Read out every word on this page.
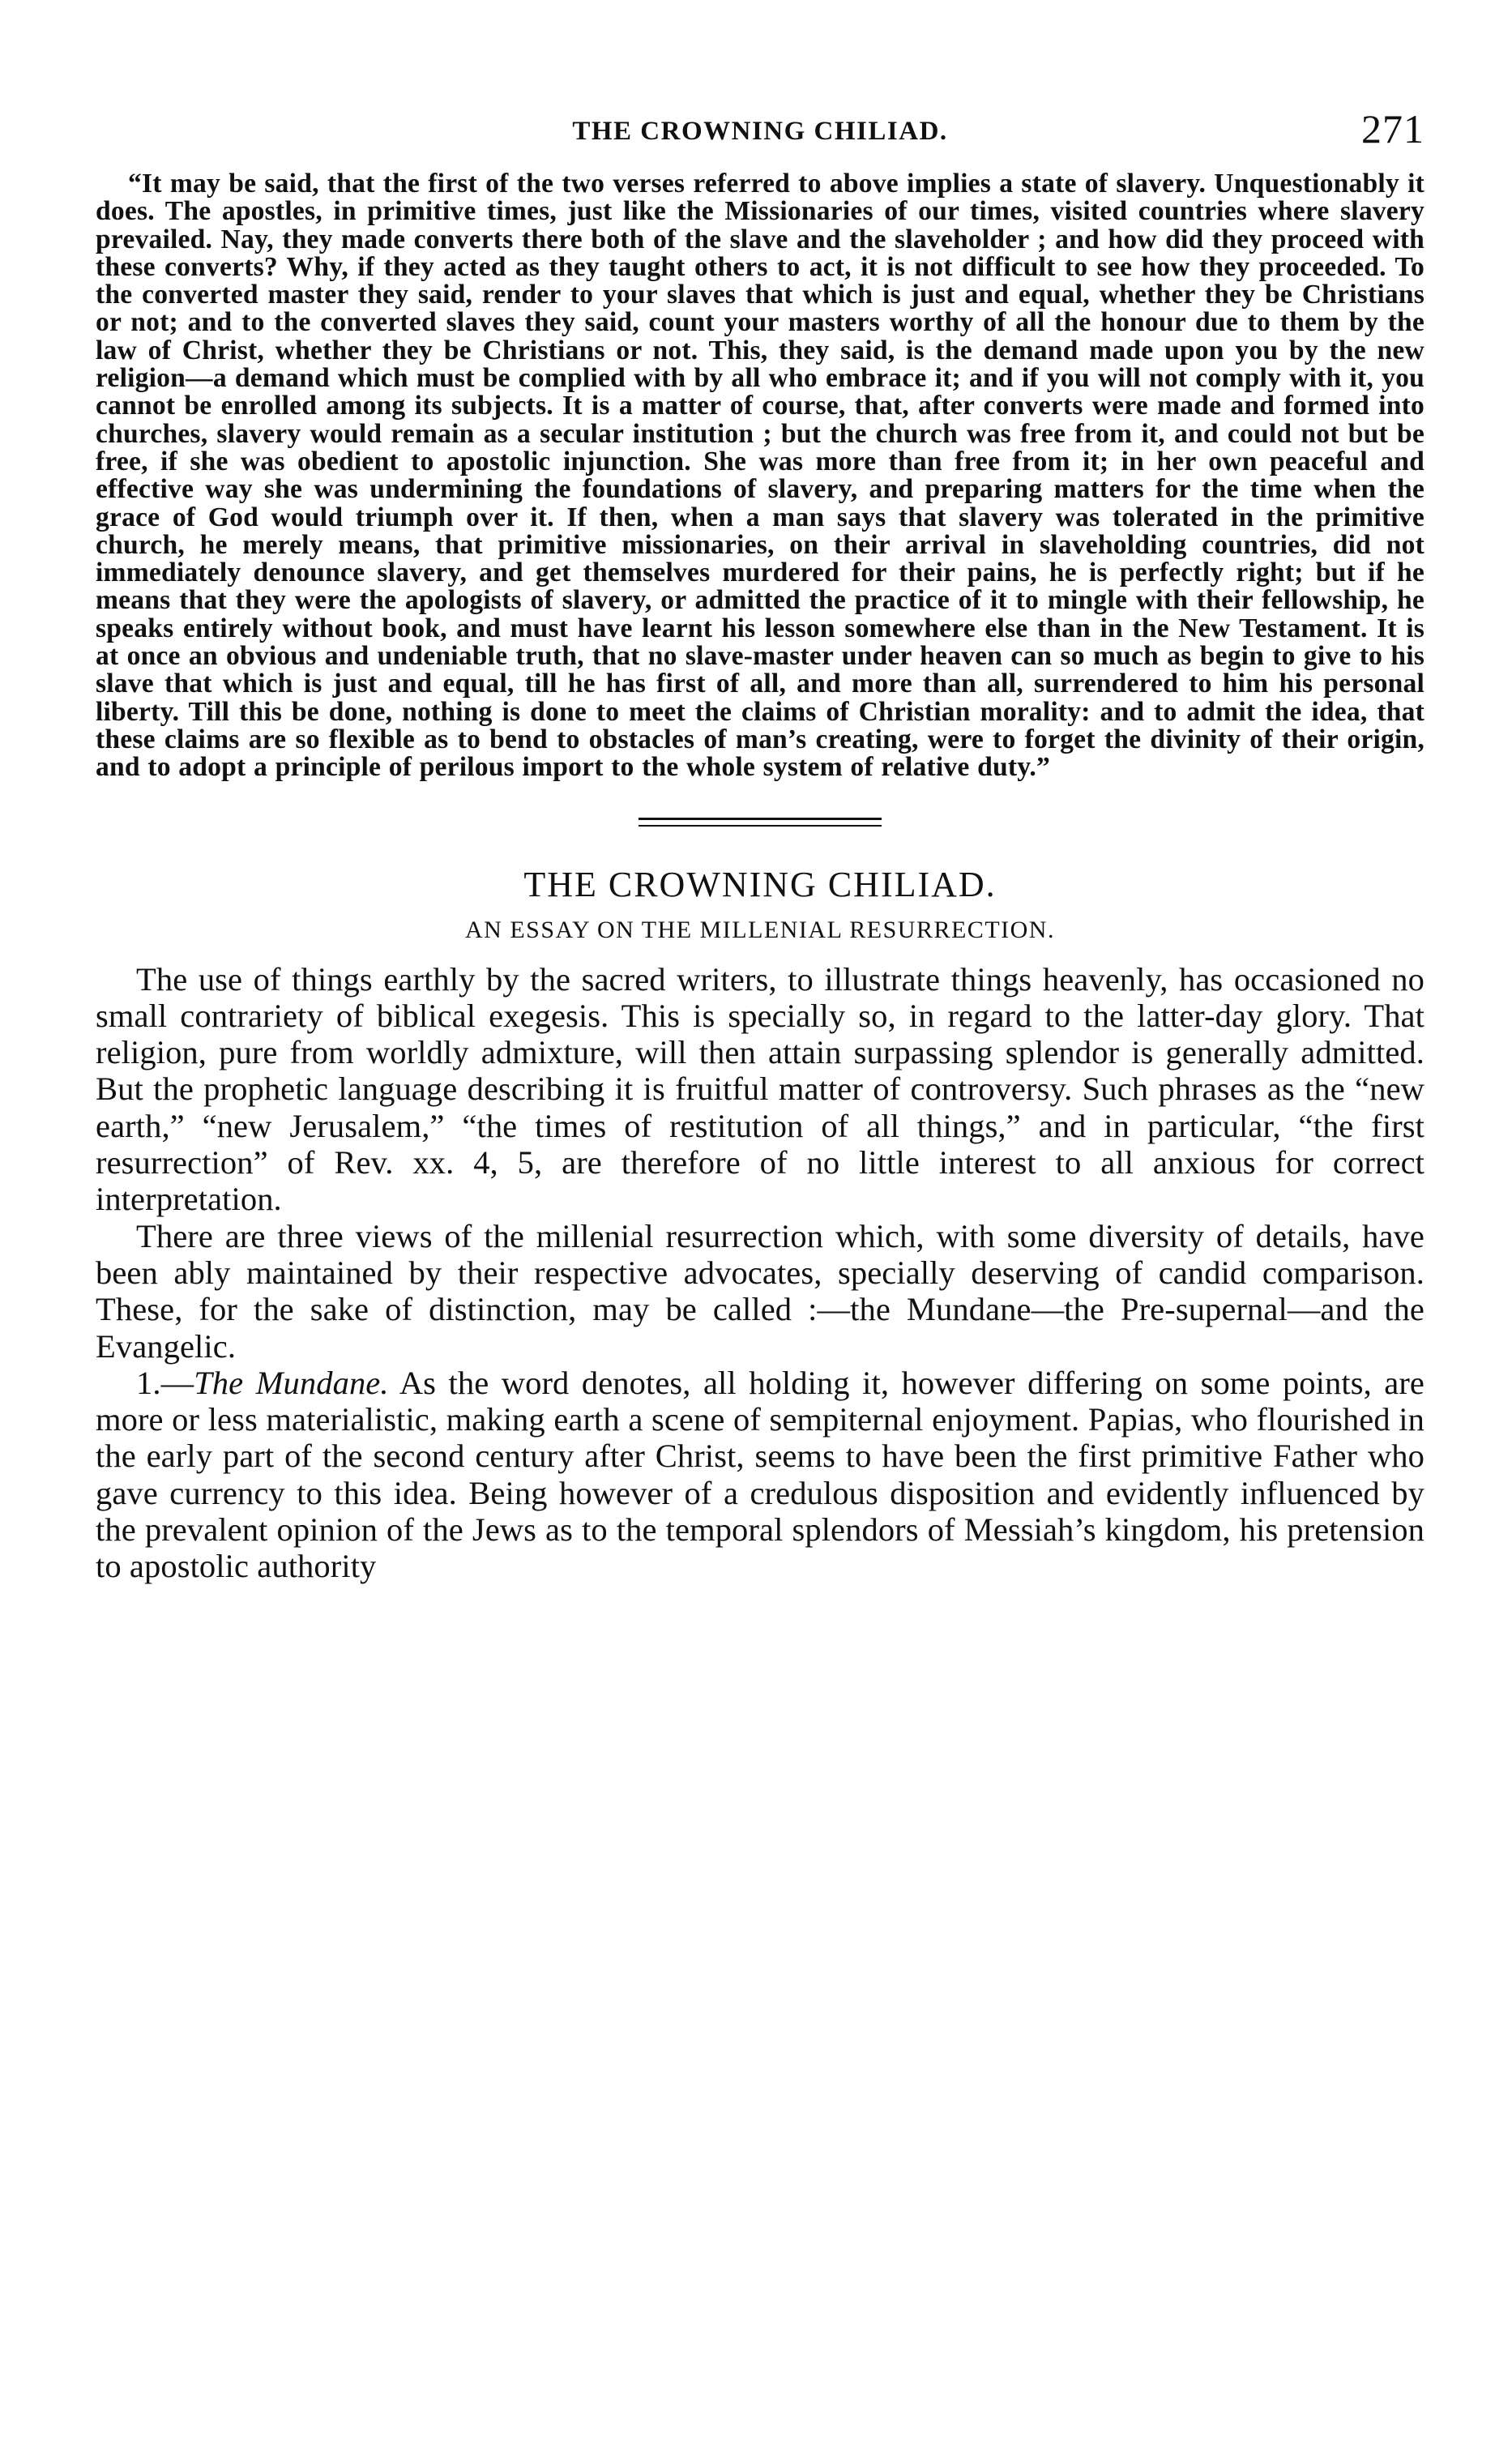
THE CROWNING CHILIAD.	271

“It may be said, that the first of the two verses referred to above implies a state of slavery. Unquestionably it does. The apostles, in primitive times, just like the Missionaries of our times, visited countries where slavery prevailed. Nay, they made converts there both of the slave and the slaveholder ; and how did they proceed with these converts? Why, if they acted as they taught others to act, it is not difficult to see how they proceeded. To the converted master they said, render to your slaves that which is just and equal, whether they be Christians or not; and to the converted slaves they said, count your masters worthy of all the honour due to them by the law of Christ, whether they be Christians or not. This, they said, is the demand made upon you by the new religion—a demand which must be complied with by all who embrace it; and if you will not comply with it, you cannot be enrolled among its subjects. It is a matter of course, that, after converts were made and formed into churches, slavery would remain as a secular institution ; but the church was free from it, and could not but be free, if she was obedient to apostolic injunction. She was more than free from it; in her own peaceful and effective way she was undermining the foundations of slavery, and preparing matters for the time when the grace of God would triumph over it. If then, when a man says that slavery was tolerated in the primitive church, he merely means, that primitive missionaries, on their arrival in slaveholding countries, did not immediately denounce slavery, and get themselves murdered for their pains, he is perfectly right; but if he means that they were the apologists of slavery, or admitted the practice of it to mingle with their fellowship, he speaks entirely without book, and must have learnt his lesson somewhere else than in the New Testament. It is at once an obvious and undeniable truth, that no slave-master under heaven can so much as begin to give to his slave that which is just and equal, till he has first of all, and more than all, surrendered to him his personal liberty. Till this be done, nothing is done to meet the claims of Christian morality: and to admit the idea, that these claims are so flexible as to bend to obstacles of man’s creating, were to forget the divinity of their origin, and to adopt a principle of perilous import to the whole system of relative duty.”

THE CROWNING CHILIAD.
AN ESSAY ON THE MILLENIAL RESURRECTION.

The use of things earthly by the sacred writers, to illustrate things heavenly, has occasioned no small contrariety of biblical exegesis. This is specially so, in regard to the latter-day glory. That religion, pure from worldly admixture, will then attain surpassing splendor is generally admitted. But the prophetic language describing it is fruitful matter of controversy. Such phrases as the “new earth,” “new Jerusalem,” “the times of restitution of all things,” and in particular, “the first resurrection” of Rev. xx. 4, 5, are therefore of no little interest to all anxious for correct interpretation.

There are three views of the millenial resurrection which, with some diversity of details, have been ably maintained by their respective advocates, specially deserving of candid comparison. These, for the sake of distinction, may be called :—the Mundane—the Pre-supernal—and the Evangelic.

1.—The Mundane. As the word denotes, all holding it, however differing on some points, are more or less materialistic, making earth a scene of sempiternal enjoyment. Papias, who flourished in the early part of the second century after Christ, seems to have been the first primitive Father who gave currency to this idea. Being however of a credulous disposition and evidently influenced by the prevalent opinion of the Jews as to the temporal splendors of Messiah’s kingdom, his pretension to apostolic authority
